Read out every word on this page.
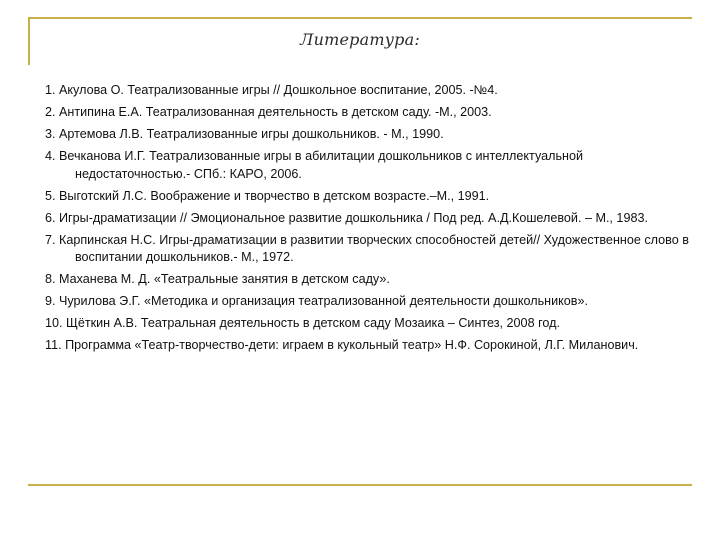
Литература:
1. Акулова О. Театрализованные игры // Дошкольное воспитание, 2005. -№4.
2. Антипина Е.А. Театрализованная деятельность в детском саду. -М., 2003.
3. Артемова Л.В. Театрализованные игры дошкольников. - М., 1990.
4. Вечканова И.Г. Театрализованные игры в абилитации дошкольников с интеллектуальной недостаточностью.- СПб.: КАРО, 2006.
5. Выготский Л.С. Воображение и творчество в детском возрасте.–М., 1991.
6. Игры-драматизации // Эмоциональное развитие дошкольника / Под ред. А.Д.Кошелевой. – М., 1983.
7. Карпинская Н.С. Игры-драматизации в развитии творческих способностей детей// Художественное слово в воспитании дошкольников.- М., 1972.
8. Маханева М. Д. «Театральные занятия в детском саду».
9. Чурилова Э.Г. «Методика и организация театрализованной деятельности дошкольников».
10. Щёткин А.В. Театральная деятельность в детском саду Мозаика – Синтез, 2008 год.
11. Программа «Театр-творчество-дети: играем в кукольный театр» Н.Ф. Сорокиной, Л.Г. Миланович.
